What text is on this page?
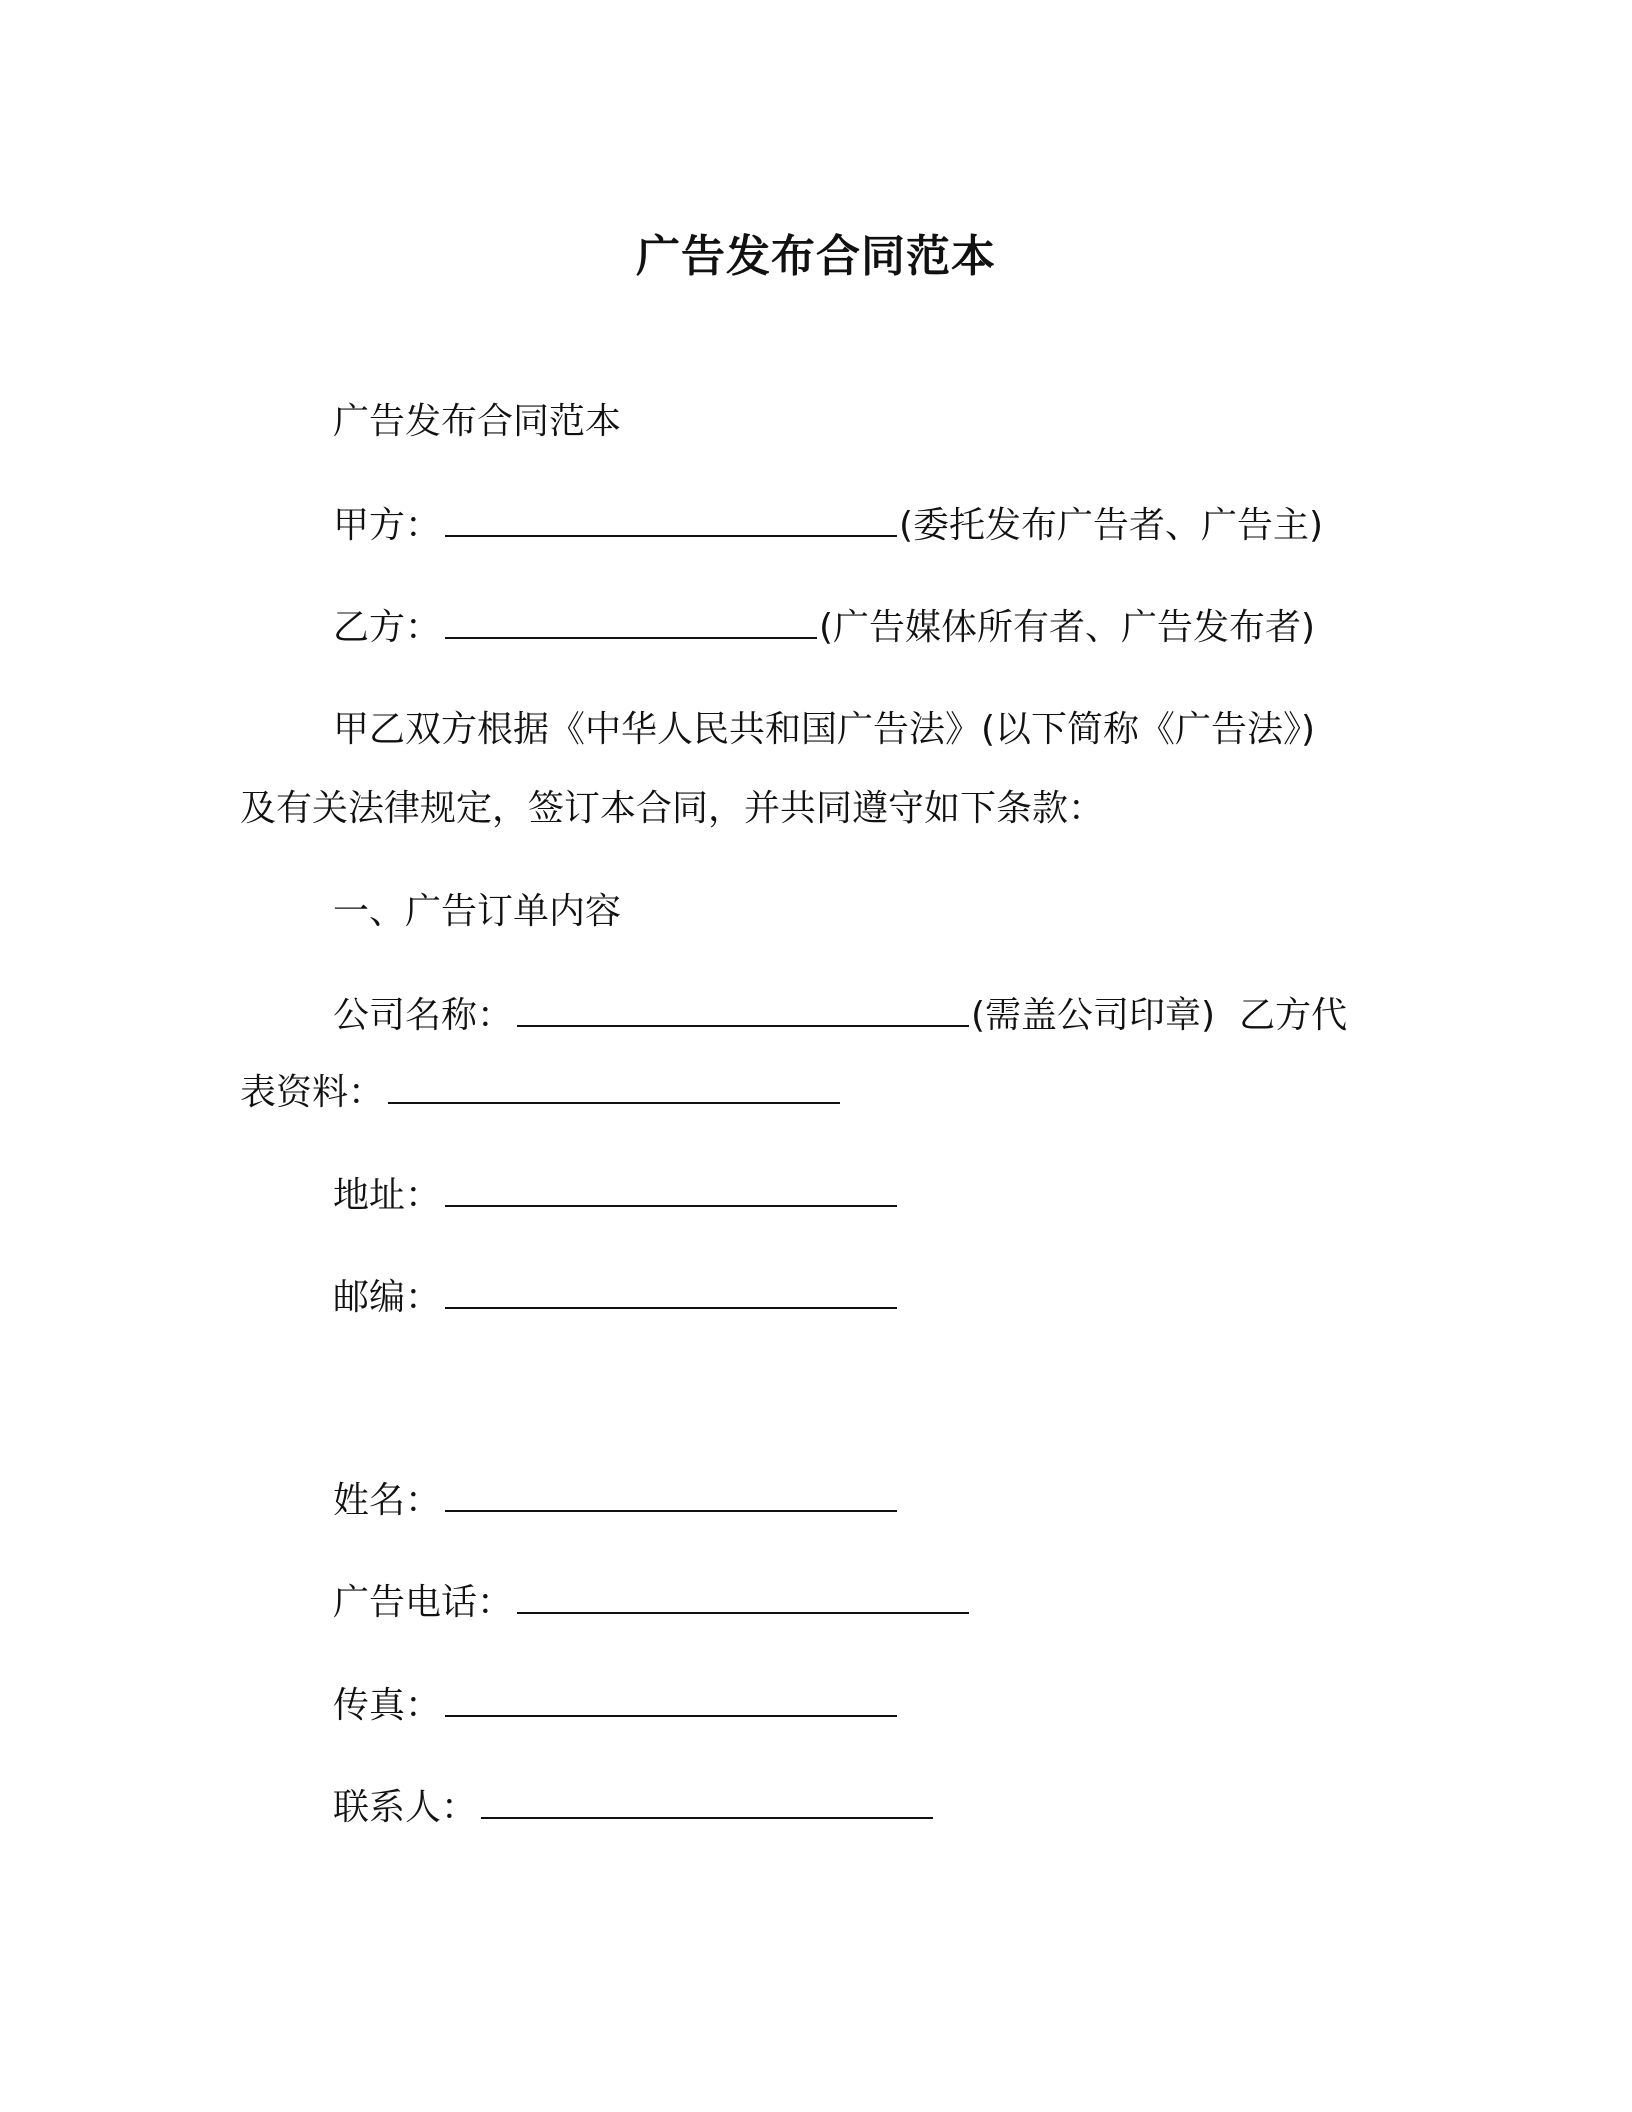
广告发布合同范本
广告发布合同范本
甲方：	(委托发布广告者、广告主)
乙方：	(广告媒体所有者、广告发布者)
甲乙双方根据《中华人民共和国广告法》(以下简称《广告法》)
及有关法律规定，签订本合同，并共同遵守如下条款：
一、广告订单内容
公司名称：	(需盖公司印章) 乙方代
表资料：
地址：
邮编：
姓名：
广告电话：
传真：
联系人：
